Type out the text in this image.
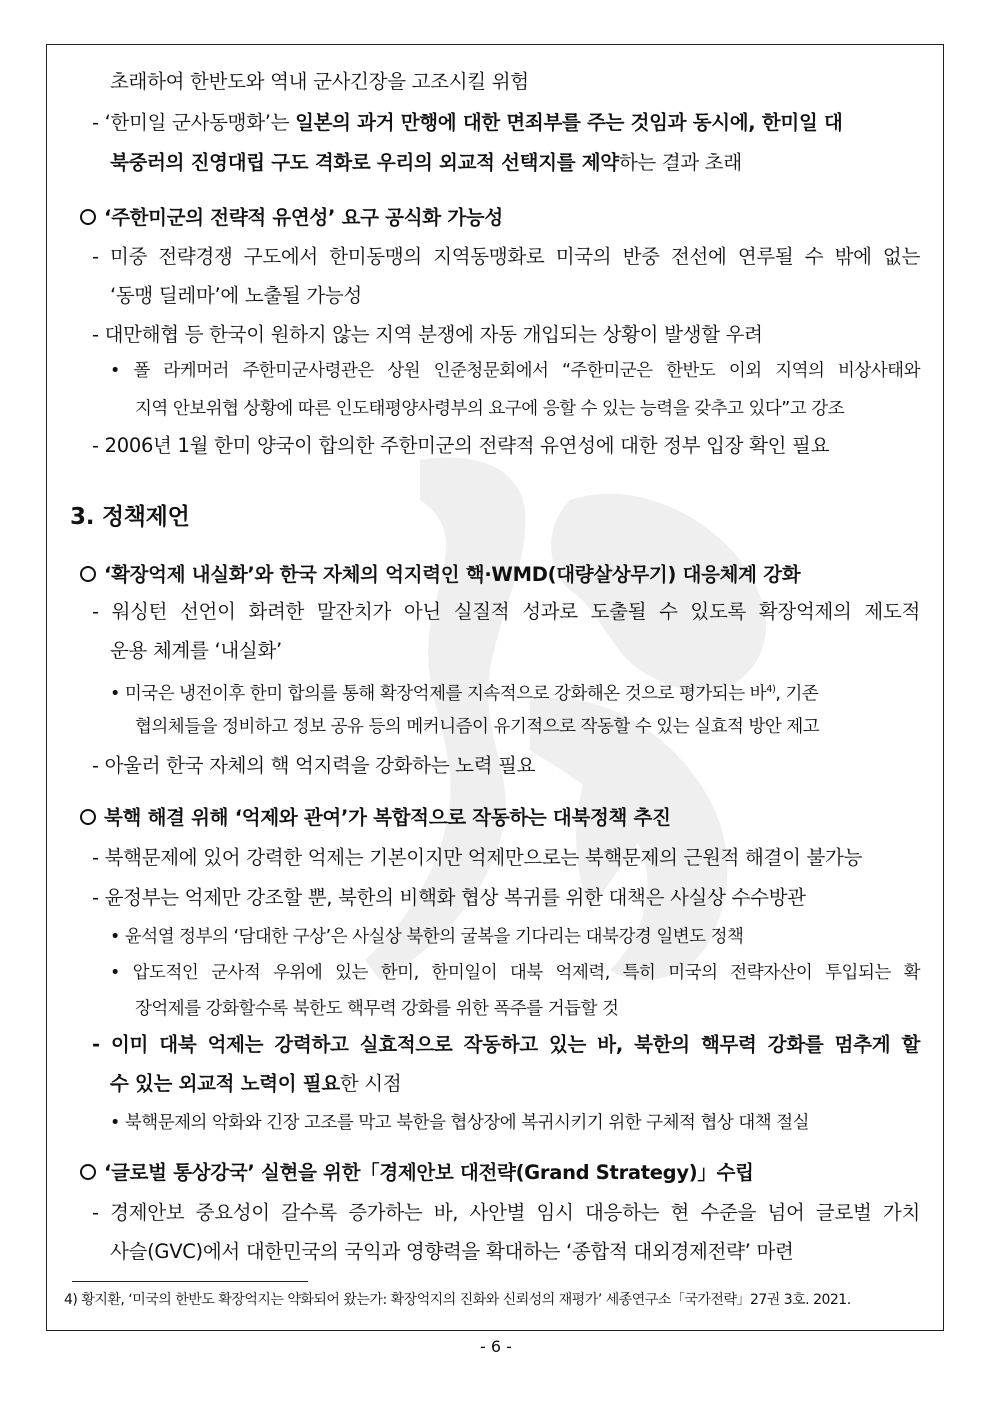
초래하여 한반도와 역내 군사긴장을 고조시킬 위험
- ‘한미일 군사동맹화’는 일본의 과거 만행에 대한 면죄부를 주는 것임과 동시에, 한미일 대
북중러의 진영대립 구도 격화로 우리의 외교적 선택지를 제약하는 결과 초래
‘주한미군의 전략적 유연성’ 요구 공식화 가능성
- 미중 전략경쟁 구도에서 한미동맹의 지역동맹화로 미국의 반중 전선에 연루될 수 밖에 없는
‘동맹 딜레마’에 노출될 가능성
- 대만해협 등 한국이 원하지 않는 지역 분쟁에 자동 개입되는 상황이 발생할 우려
• 폴 라케머러 주한미군사령관은 상원 인준청문회에서 “주한미군은 한반도 이외 지역의 비상사태와
지역 안보위협 상황에 따른 인도태평양사령부의 요구에 응할 수 있는 능력을 갖추고 있다”고 강조
- 2006년 1월 한미 양국이 합의한 주한미군의 전략적 유연성에 대한 정부 입장 확인 필요
3. 정책제언
‘확장억제 내실화’와 한국 자체의 억지력인 핵·WMD(대량살상무기) 대응체계 강화
- 워싱턴 선언이 화려한 말잔치가 아닌 실질적 성과로 도출될 수 있도록 확장억제의 제도적
운용 체계를 ‘내실화’
• 미국은 냉전이후 한미 합의를 통해 확장억제를 지속적으로 강화해온 것으로 평가되는 바$^{4)}$, 기존
협의체들을 정비하고 정보 공유 등의 메커니즘이 유기적으로 작동할 수 있는 실효적 방안 제고
- 아울러 한국 자체의 핵 억지력을 강화하는 노력 필요
북핵 해결 위해 ‘억제와 관여’가 복합적으로 작동하는 대북정책 추진
- 북핵문제에 있어 강력한 억제는 기본이지만 억제만으로는 북핵문제의 근원적 해결이 불가능
- 윤정부는 억제만 강조할 뿐, 북한의 비핵화 협상 복귀를 위한 대책은 사실상 수수방관
• 윤석열 정부의 ‘담대한 구상’은 사실상 북한의 굴복을 기다리는 대북강경 일변도 정책
• 압도적인 군사적 우위에 있는 한미, 한미일이 대북 억제력, 특히 미국의 전략자산이 투입되는 확
장억제를 강화할수록 북한도 핵무력 강화를 위한 폭주를 거듭할 것
- 이미 대북 억제는 강력하고 실효적으로 작동하고 있는 바, 북한의 핵무력 강화를 멈추게 할
수 있는 외교적 노력이 필요한 시점
• 북핵문제의 악화와 긴장 고조를 막고 북한을 협상장에 복귀시키기 위한 구체적 협상 대책 절실
‘글로벌 통상강국’ 실현을 위한「경제안보 대전략(Grand Strategy)」수립
- 경제안보 중요성이 갈수록 증가하는 바, 사안별 임시 대응하는 현 수준을 넘어 글로벌 가치
사슬(GVC)에서 대한민국의 국익과 영향력을 확대하는 ‘종합적 대외경제전략’ 마련
4) 황지환, ‘미국의 한반도 확장억지는 약화되어 왔는가: 확장억지의 진화와 신뢰성의 재평가’ 세종연구소「국가전략」27권 3호. 2021.
- 6 -
